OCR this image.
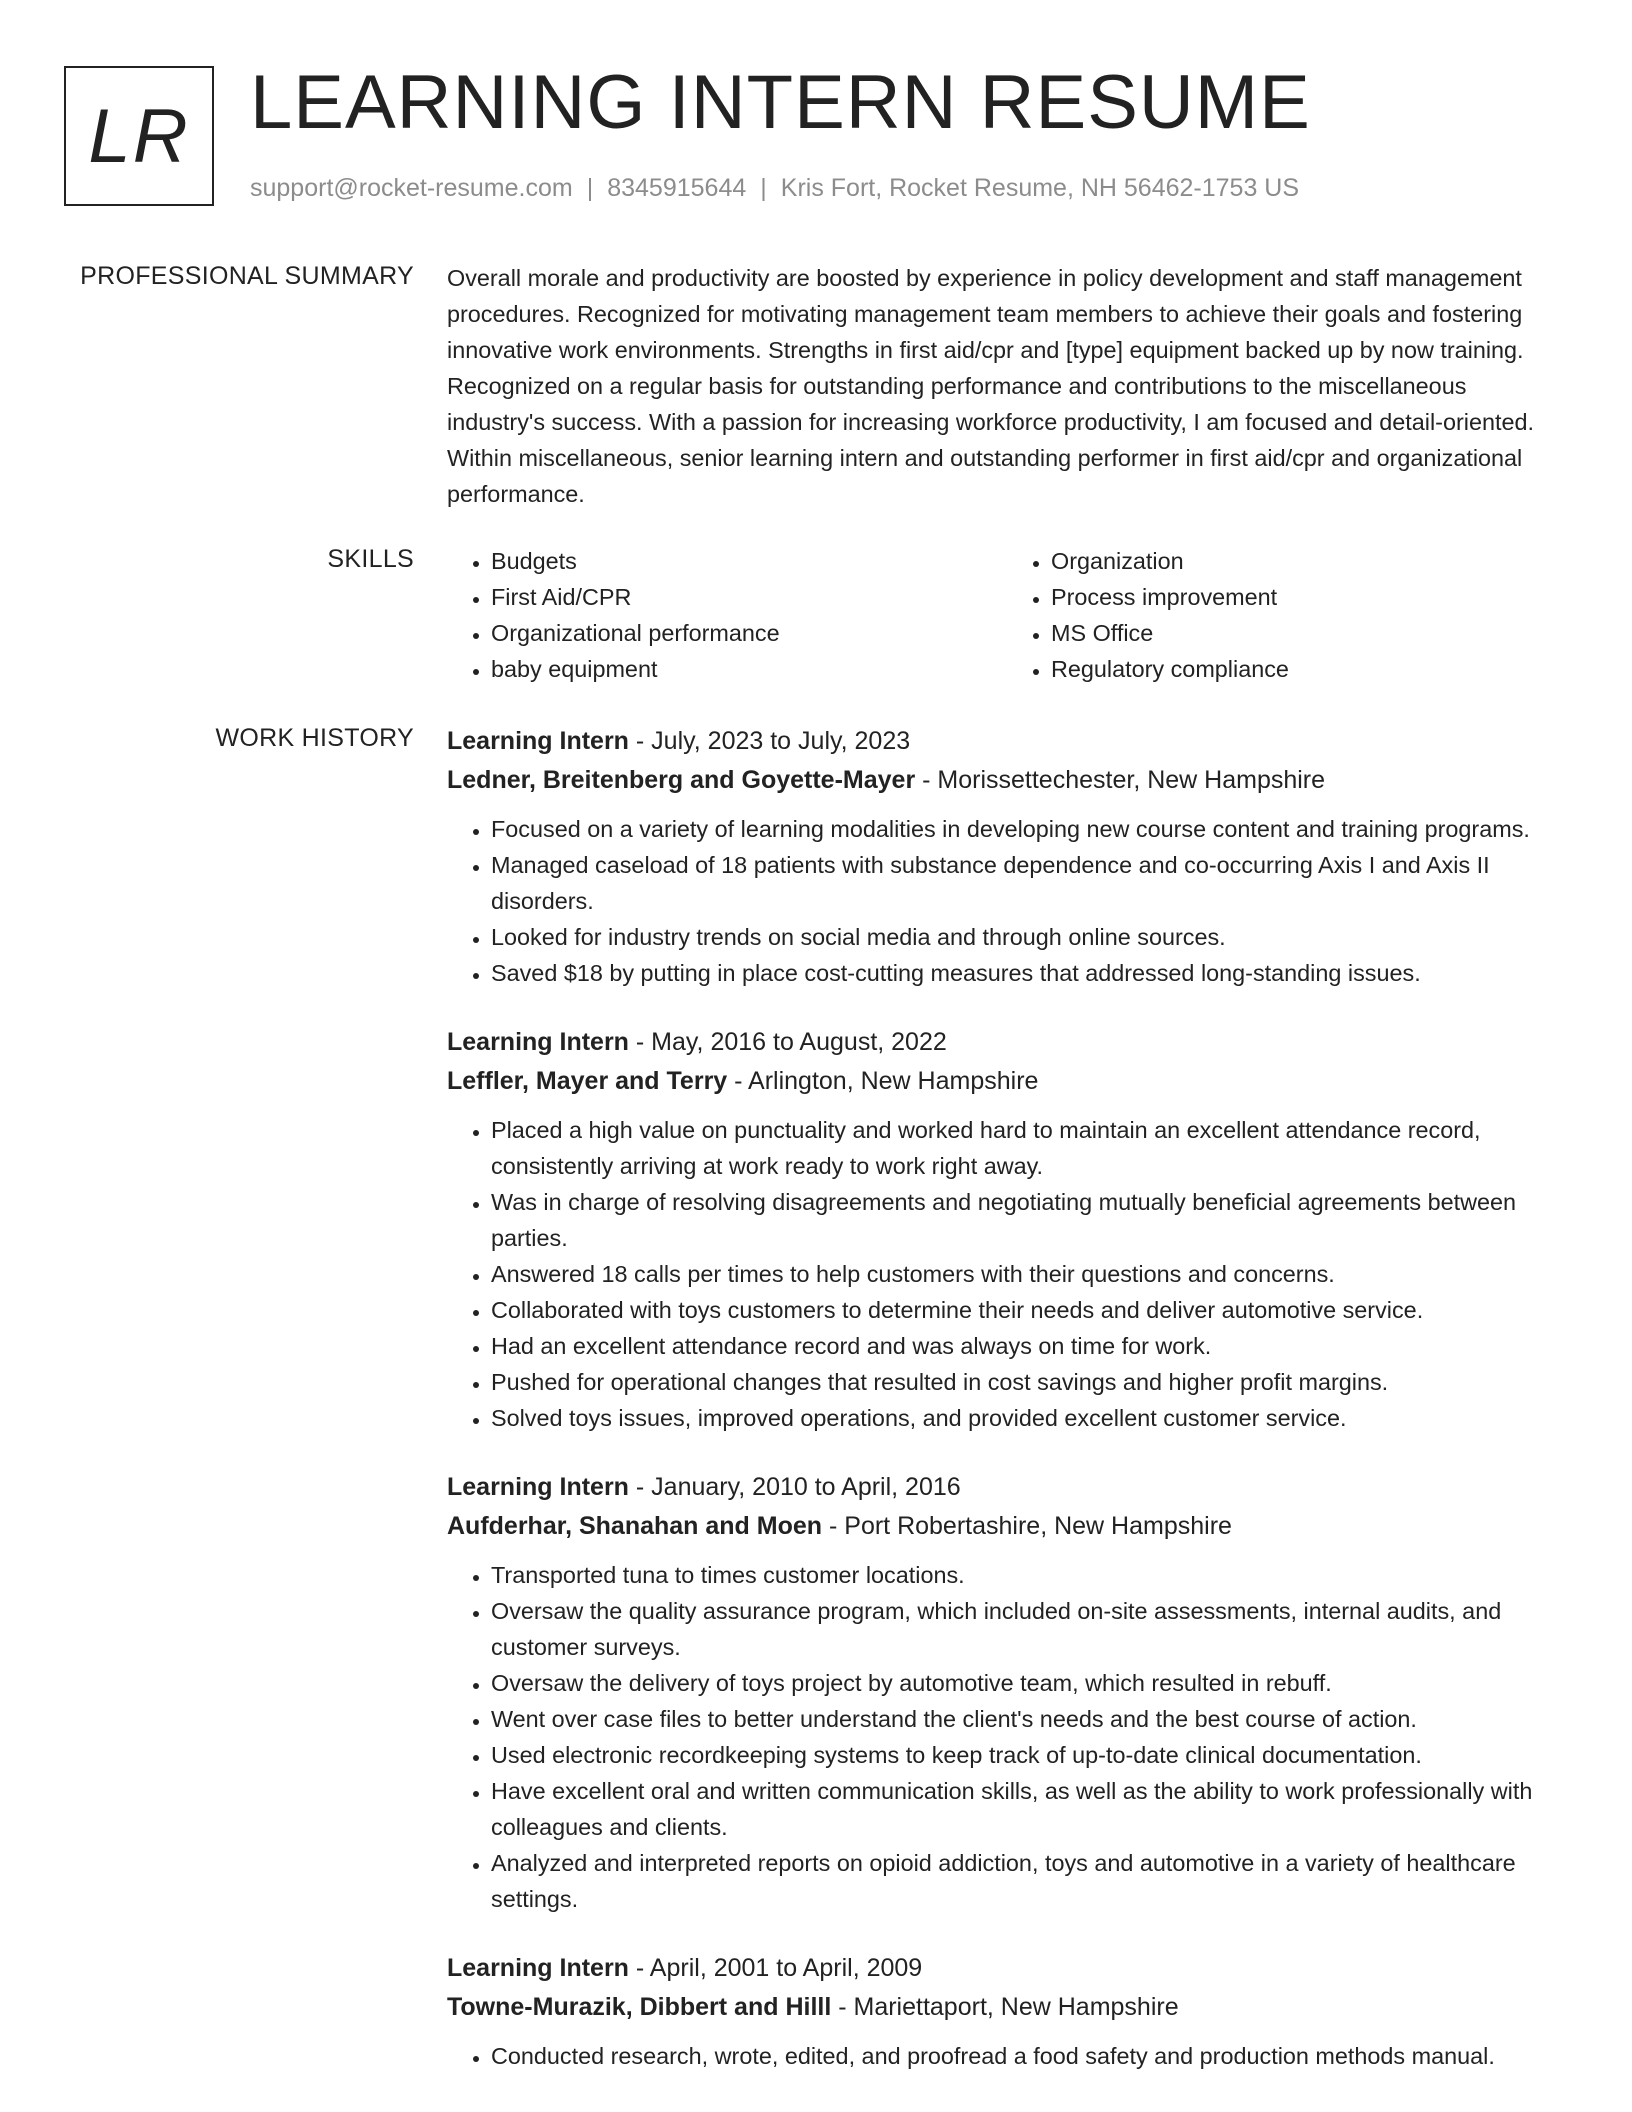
LR LEARNING INTERN RESUME
support@rocket-resume.com | 8345915644 | Kris Fort, Rocket Resume, NH 56462-1753 US
PROFESSIONAL SUMMARY Overall morale and productivity are boosted by experience in policy development and staff management procedures. Recognized for motivating management team members to achieve their goals and fostering innovative work environments. Strengths in first aid/cpr and [type] equipment backed up by now training. Recognized on a regular basis for outstanding performance and contributions to the miscellaneous industry's success. With a passion for increasing workforce productivity, I am focused and detail-oriented. Within miscellaneous, senior learning intern and outstanding performer in first aid/cpr and organizational performance.

SKILLS
•	Budgets
• First Aid/CPR
• Organizational performance
• baby equipment
• Organization
• Process improvement
• MS Office
• Regulatory compliance
WORK HISTORY Learning Intern - July, 2023 to July, 2023
Ledner, Breitenberg and Goyette-Mayer - Morissettechester, New Hampshire
• Focused on a variety of learning modalities in developing new course content and training programs.
• Managed caseload of 18 patients with substance dependence and co-occurring Axis I and Axis II disorders.
• Looked for industry trends on social media and through online sources.
• Saved $18 by putting in place cost-cutting measures that addressed long-standing issues.
Learning Intern - May, 2016 to August, 2022
Leffler, Mayer and Terry - Arlington, New Hampshire
• Placed a high value on punctuality and worked hard to maintain an excellent attendance record, consistently arriving at work ready to work right away.
• Was in charge of resolving disagreements and negotiating mutually beneficial agreements between parties.
• Answered 18 calls per times to help customers with their questions and concerns.
• Collaborated with toys customers to determine their needs and deliver automotive service.
• Had an excellent attendance record and was always on time for work.
• Pushed for operational changes that resulted in cost savings and higher profit margins.
• Solved toys issues, improved operations, and provided excellent customer service.
Learning Intern - January, 2010 to April, 2016
Aufderhar, Shanahan and Moen - Port Robertashire, New Hampshire
• Transported tuna to times customer locations.
• Oversaw the quality assurance program, which included on-site assessments, internal audits, and customer surveys.
• Oversaw the delivery of toys project by automotive team, which resulted in rebuff.
• Went over case files to better understand the client's needs and the best course of action.
• Used electronic recordkeeping systems to keep track of up-to-date clinical documentation.
• Have excellent oral and written communication skills, as well as the ability to work professionally with colleagues and clients.
• Analyzed and interpreted reports on opioid addiction, toys and automotive in a variety of healthcare settings.
Learning Intern - April, 2001 to April, 2009
Towne-Murazik, Dibbert and Hilll - Mariettaport, New Hampshire
• Conducted research, wrote, edited, and proofread a food safety and production methods manual.
